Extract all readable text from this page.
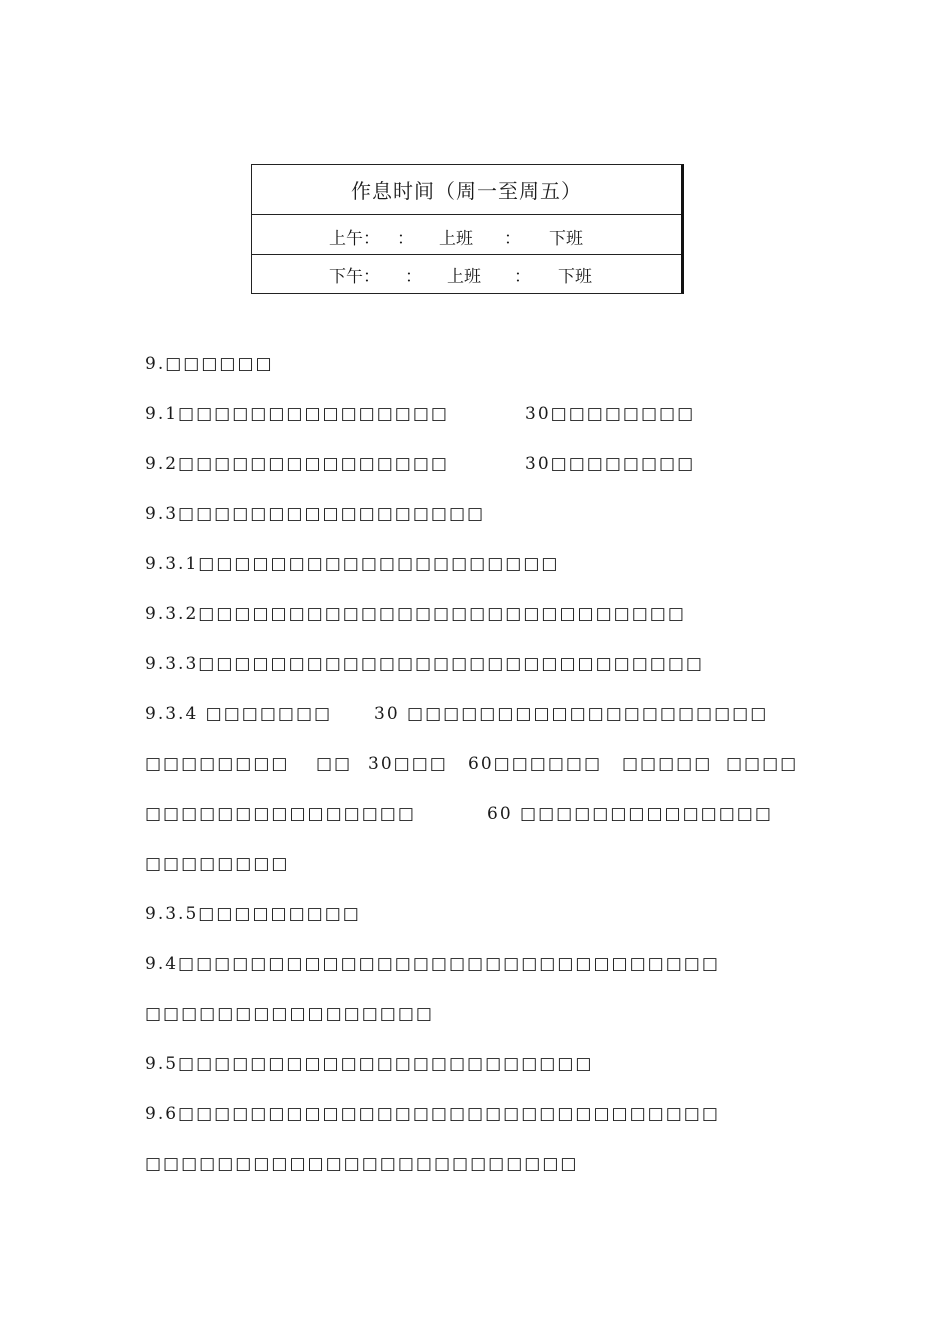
作息时间（周一至周五）
上午： ： 上班 ： 下班
下午： ： 上班 ： 下班
9.□□□□□□
9.1□□□□□□□□□□□□□□□	30□□□□□□□□
9.2□□□□□□□□□□□□□□□	30□□□□□□□□
9.3□□□□□□□□□□□□□□□□□
9.3.1□□□□□□□□□□□□□□□□□□□□
9.3.2□□□□□□□□□□□□□□□□□□□□□□□□□□□
9.3.3□□□□□□□□□□□□□□□□□□□□□□□□□□□□
9.3.4 □□□□□□□ 30 □□□□□□□□□□□□□□□□□□□□
□□□□□□□□ □□ 30□□□ 60□□□□□□ □□□□□ □□□□
□□□□□□□□□□□□□□□	60 □□□□□□□□□□□□□□
□□□□□□□□
9.3.5□□□□□□□□□
9.4□□□□□□□□□□□□□□□□□□□□□□□□□□□□□□
□□□□□□□□□□□□□□□□
9.5□□□□□□□□□□□□□□□□□□□□□□□
9.6□□□□□□□□□□□□□□□□□□□□□□□□□□□□□□
□□□□□□□□□□□□□□□□□□□□□□□□
